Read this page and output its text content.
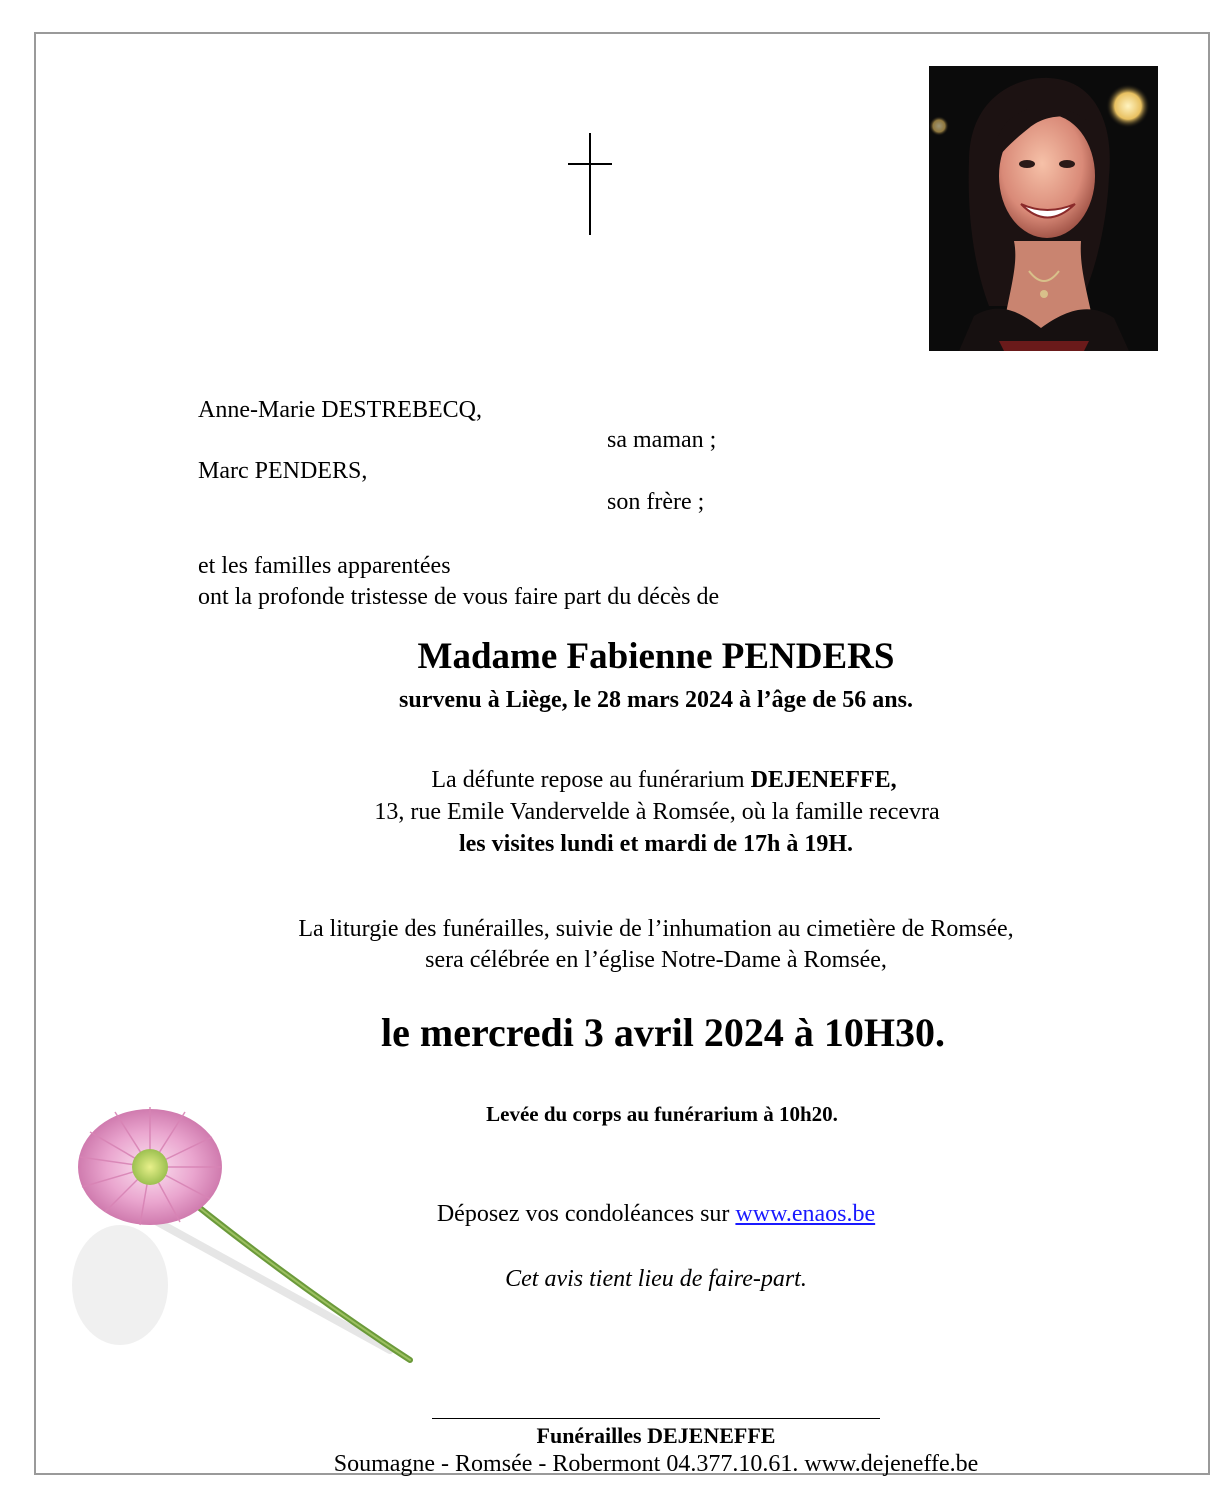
Anne-Marie DESTREBECQ,
sa maman ;
Marc PENDERS,
son frère ;
et les familles apparentées
ont la profonde tristesse de vous faire part du décès de
Madame Fabienne PENDERS
survenu à Liège, le 28 mars 2024 à l’âge de 56 ans.
La défunte repose au funérarium DEJENEFFE,
13, rue Emile Vandervelde à Romsée, où la famille recevra
les visites lundi et mardi de 17h à 19H.
La liturgie des funérailles, suivie de l’inhumation au cimetière de Romsée,
sera célébrée en l’église Notre-Dame à Romsée,
le mercredi 3 avril 2024 à 10H30.
Levée du corps au funérarium à 10h20.
Déposez vos condoléances sur www.enaos.be
Cet avis tient lieu de faire-part.
Funérailles DEJENEFFE
Soumagne - Romsée - Robermont 04.377.10.61. www.dejeneffe.be
